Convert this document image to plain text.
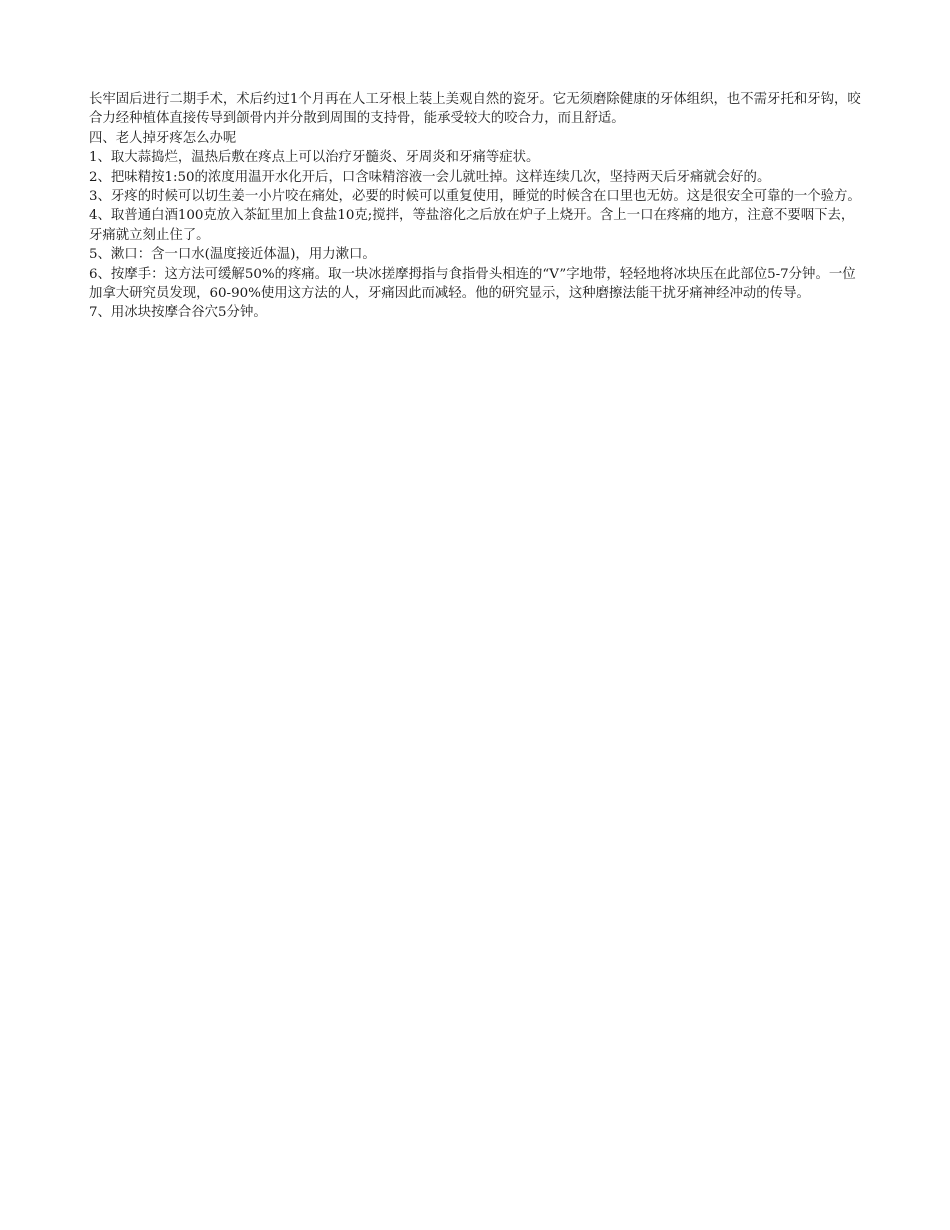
长牢固后进行二期手术，术后约过1个月再在人工牙根上装上美观自然的瓷牙。它无须磨除健康的牙体组织，也不需牙托和牙钩，咬合力经种植体直接传导到颌骨内并分散到周围的支持骨，能承受较大的咬合力，而且舒适。

四、老人掉牙疼怎么办呢

1、取大蒜捣烂，温热后敷在疼点上可以治疗牙髓炎、牙周炎和牙痛等症状。

2、把味精按1:50的浓度用温开水化开后，口含味精溶液一会儿就吐掉。这样连续几次，坚持两天后牙痛就会好的。

3、牙疼的时候可以切生姜一小片咬在痛处，必要的时候可以重复使用，睡觉的时候含在口里也无妨。这是很安全可靠的一个验方。

4、取普通白酒100克放入茶缸里加上食盐10克;搅拌，等盐溶化之后放在炉子上烧开。含上一口在疼痛的地方，注意不要咽下去，牙痛就立刻止住了。

5、漱口：含一口水(温度接近体温)，用力漱口。

6、按摩手：这方法可缓解50%的疼痛。取一块冰搓摩拇指与食指骨头相连的“V”字地带，轻轻地将冰块压在此部位5-7分钟。一位加拿大研究员发现，60-90%使用这方法的人，牙痛因此而减轻。他的研究显示，这种磨擦法能干扰牙痛神经冲动的传导。

7、用冰块按摩合谷穴5分钟。
